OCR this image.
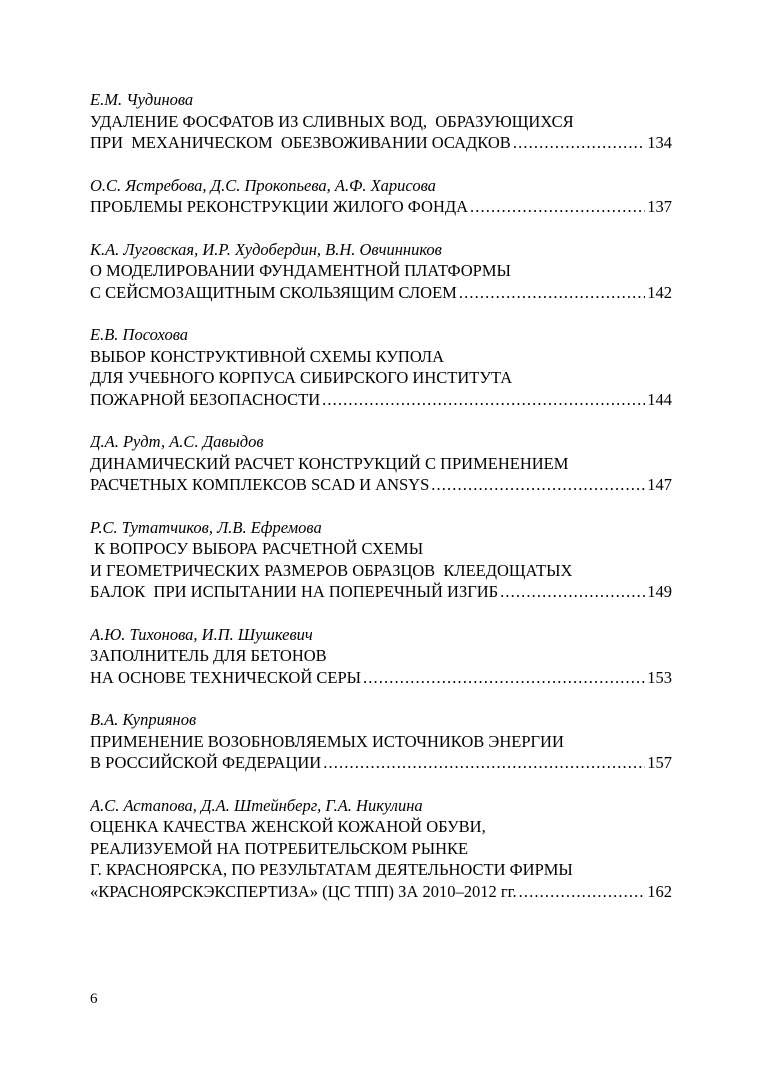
Е.М. Чудинова
УДАЛЕНИЕ ФОСФАТОВ ИЗ СЛИВНЫХ ВОД,  ОБРАЗУЮЩИХСЯ
ПРИ  МЕХАНИЧЕСКОМ  ОБЕЗВОЖИВАНИИ ОСАДКОВ . . .	134
О.С. Ястребова, Д.С. Прокопьева, А.Ф. Харисова
ПРОБЛЕМЫ РЕКОНСТРУКЦИИ ЖИЛОГО ФОНДА . . .	137
К.А. Луговская, И.Р. Худобердин, В.Н. Овчинников
О МОДЕЛИРОВАНИИ ФУНДАМЕНТНОЙ ПЛАТФОРМЫ
С СЕЙСМОЗАЩИТНЫМ СКОЛЬЗЯЩИМ СЛОЕМ . . .	142
Е.В. Посохова
ВЫБОР КОНСТРУКТИВНОЙ СХЕМЫ КУПОЛА
ДЛЯ УЧЕБНОГО КОРПУСА СИБИРСКОГО ИНСТИТУТА
ПОЖАРНОЙ БЕЗОПАСНОСТИ . . .	144
Д.А. Рудт, А.С. Давыдов
ДИНАМИЧЕСКИЙ РАСЧЕТ КОНСТРУКЦИЙ С ПРИМЕНЕНИЕМ
РАСЧЕТНЫХ КОМПЛЕКСОВ SCAD И ANSYS . . .	147
Р.С. Тутатчиков, Л.В. Ефремова
К ВОПРОСУ ВЫБОРА РАСЧЕТНОЙ СХЕМЫ
И ГЕОМЕТРИЧЕСКИХ РАЗМЕРОВ ОБРАЗЦОВ  КЛЕЕДОЩАТЫХ
БАЛОК  ПРИ ИСПЫТАНИИ НА ПОПЕРЕЧНЫЙ ИЗГИБ . . .	149
А.Ю. Тихонова, И.П. Шушкевич
ЗАПОЛНИТЕЛЬ ДЛЯ БЕТОНОВ
НА ОСНОВЕ ТЕХНИЧЕСКОЙ СЕРЫ . . .	153
В.А. Куприянов
ПРИМЕНЕНИЕ ВОЗОБНОВЛЯЕМЫХ ИСТОЧНИКОВ ЭНЕРГИИ
В РОССИЙСКОЙ ФЕДЕРАЦИИ . . .	157
А.С. Астапова, Д.А. Штейнберг, Г.А. Никулина
ОЦЕНКА КАЧЕСТВА ЖЕНСКОЙ КОЖАНОЙ ОБУВИ,
РЕАЛИЗУЕМОЙ НА ПОТРЕБИТЕЛЬСКОМ РЫНКЕ
Г. КРАСНОЯРСКА, ПО РЕЗУЛЬТАТАМ ДЕЯТЕЛЬНОСТИ ФИРМЫ
«КРАСНОЯРСКЭКСПЕРТИЗА» (ЦС ТПП) ЗА 2010–2012 гг. . . .	162
6
